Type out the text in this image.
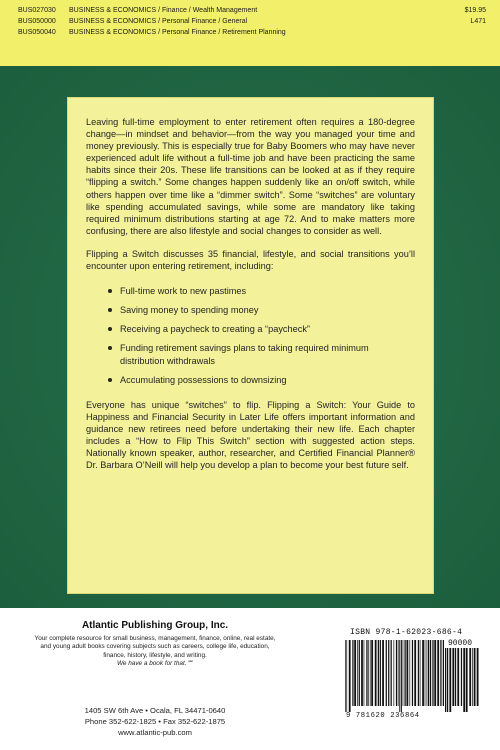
BUS027030 BUSINESS & ECONOMICS / Finance / Wealth Management	$19.95
BUS050000 BUSINESS & ECONOMICS / Personal Finance / General	L471
BUS050040 BUSINESS & ECONOMICS / Personal Finance / Retirement Planning

Leaving full-time employment to enter retirement often requires a 180-degree change—in mindset and behavior—from the way you managed your time and money previously. This is especially true for Baby Boomers who may have never experienced adult life without a full-time job and have been practicing the same habits since their 20s. These life transitions can be looked at as if they require “flipping a switch.” Some changes happen suddenly like an on/off switch, while others happen over time like a “dimmer switch”. Some “switches” are voluntary like spending accumulated savings, while some are mandatory like taking required minimum distributions starting at age 72. And to make matters more confusing, there are also lifestyle and social changes to consider as well.

Flipping a Switch discusses 35 financial, lifestyle, and social transitions you’ll encounter upon entering retirement, including:

Full-time work to new pastimes
Saving money to spending money
Receiving a paycheck to creating a “paycheck”
Funding retirement savings plans to taking required minimum distribution withdrawals
Accumulating possessions to downsizing

Everyone has unique “switches” to flip. Flipping a Switch: Your Guide to Happiness and Financial Security in Later Life offers important information and guidance new retirees need before undertaking their new life. Each chapter includes a “How to Flip This Switch” section with suggested action steps. Nationally known speaker, author, researcher, and Certified Financial Planner® Dr. Barbara O’Neill will help you develop a plan to become your best future self.

Atlantic Publishing Group, Inc.
Your complete resource for small business, management, finance, online, real estate, and young adult books covering subjects such as careers, college life, education, finance, history, lifestyle, and writing.
We have a book for that.℠
1405 SW 6th Ave • Ocala, FL 34471-0640
Phone 352-622-1825 • Fax 352-622-1875
www.atlantic-pub.com
ISBN 978-1-62023-686-4
90000
9 781620 236864
